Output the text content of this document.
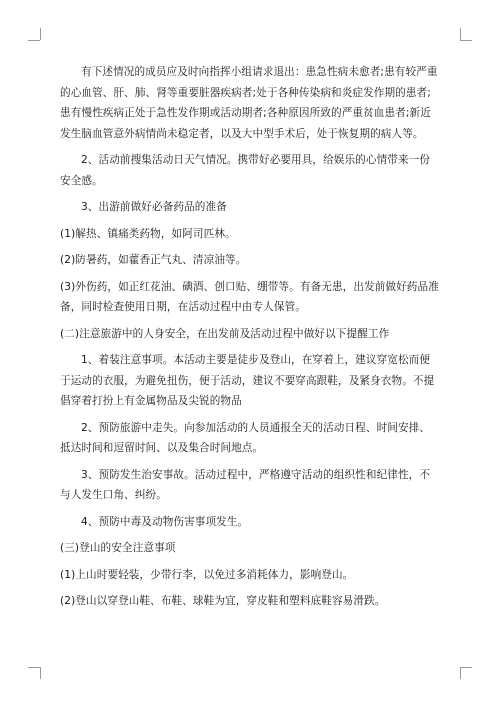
有下述情况的成员应及时向指挥小组请求退出：患急性病未愈者;患有较严重的心血管、肝、肺、肾等重要脏器疾病者;处于各种传染病和炎症发作期的患者;患有慢性疾病正处于急性发作期或活动期者;各种原因所致的严重贫血患者;新近发生脑血管意外病情尚未稳定者，以及大中型手术后，处于恢复期的病人等。

2、活动前搜集活动日天气情况。携带好必要用具，给娱乐的心情带来一份安全感。

3、出游前做好必备药品的准备

(1)解热、镇痛类药物，如阿司匹林。

(2)防暑药，如藿香正气丸、清凉油等。

(3)外伤药，如正红花油、碘酒、创口贴、绷带等。有备无患，出发前做好药品准备，同时检查使用日期，在活动过程中由专人保管。

(二)注意旅游中的人身安全，在出发前及活动过程中做好以下提醒工作

1、着装注意事项。本活动主要是徒步及登山，在穿着上，建议穿宽松而便于运动的衣服，为避免扭伤，便于活动，建议不要穿高跟鞋，及紧身衣物。不提倡穿着打扮上有金属物品及尖锐的物品

2、预防旅游中走失。向参加活动的人员通报全天的活动日程、时间安排、抵达时间和逗留时间、以及集合时间地点。

3、预防发生治安事故。活动过程中，严格遵守活动的组织性和纪律性，不与人发生口角、纠纷。

4、预防中毒及动物伤害事项发生。

(三)登山的安全注意事项

(1)上山时要轻装，少带行李，以免过多消耗体力，影响登山。

(2)登山以穿登山鞋、布鞋、球鞋为宜，穿皮鞋和塑料底鞋容易滑跌。
